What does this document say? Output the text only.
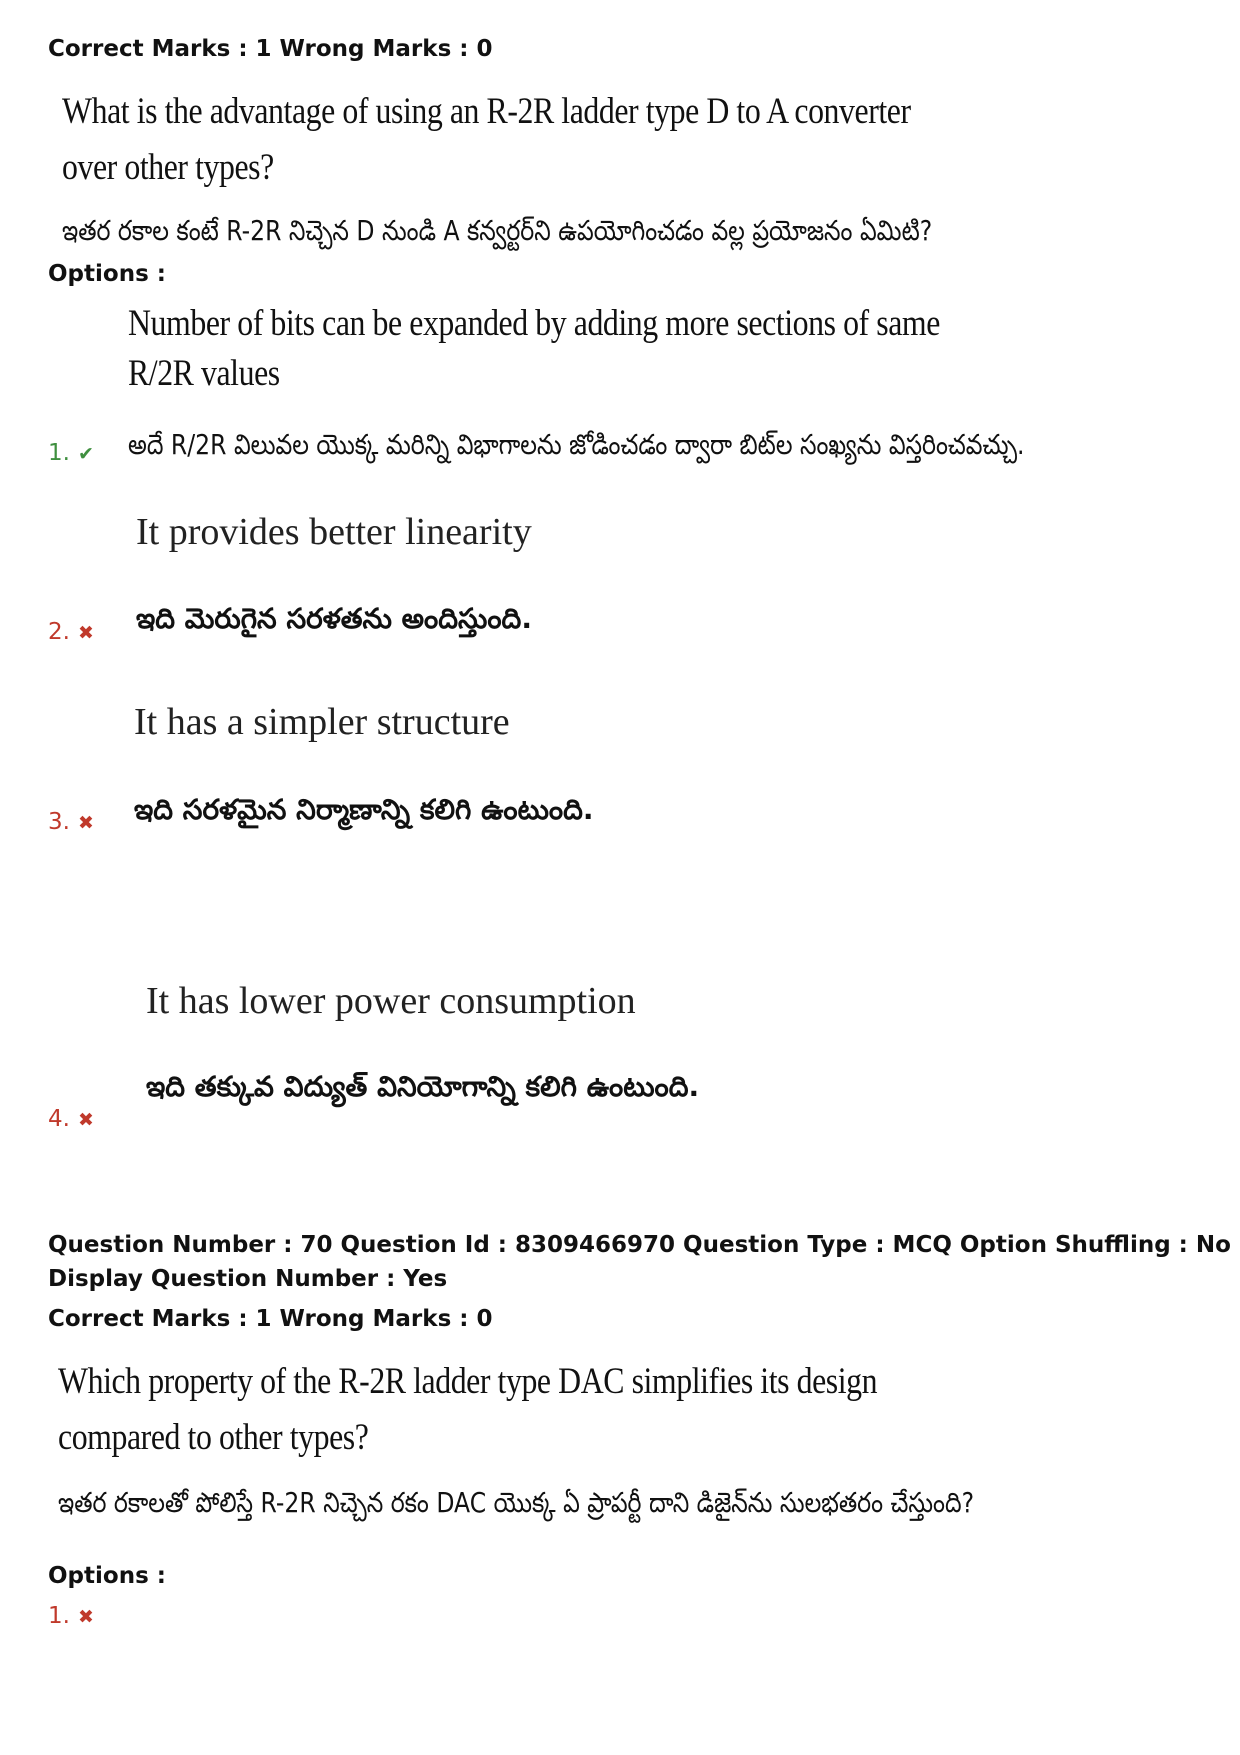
Correct Marks : 1 Wrong Marks : 0
What is the advantage of using an R-2R ladder type D to A converter over other types?
ఇతర రకాల కంటే R-2R నిచ్చెన D నుండి A కన్వర్టర్‌ని ఉపయోగించడం వల్ల ప్రయోజనం ఏమిటి?
Options :
Number of bits can be expanded by adding more sections of same R/2R values
అదే R/2R విలువల యొక్క మరిన్ని విభాగాలను జోడించడం ద్వారా బిట్‌ల సంఖ్యను విస్తరించవచ్చు.
1. ✔
It provides better linearity
ఇది మెరుగైన సరళతను అందిస్తుంది.
2. ✖
It has a simpler structure
ఇది సరళమైన నిర్మాణాన్ని కలిగి ఉంటుంది.
3. ✖
It has lower power consumption
ఇది తక్కువ విద్యుత్ వినియోగాన్ని కలిగి ఉంటుంది.
4. ✖
Question Number : 70 Question Id : 8309466970 Question Type : MCQ Option Shuffling : No
Display Question Number : Yes
Correct Marks : 1 Wrong Marks : 0
Which property of the R-2R ladder type DAC simplifies its design compared to other types?
ఇతర రకాలతో పోలిస్తే R-2R నిచ్చెన రకం DAC యొక్క ఏ ప్రాపర్టీ దాని డిజైన్‌ను సులభతరం చేస్తుంది?
Options :
1. ✖
